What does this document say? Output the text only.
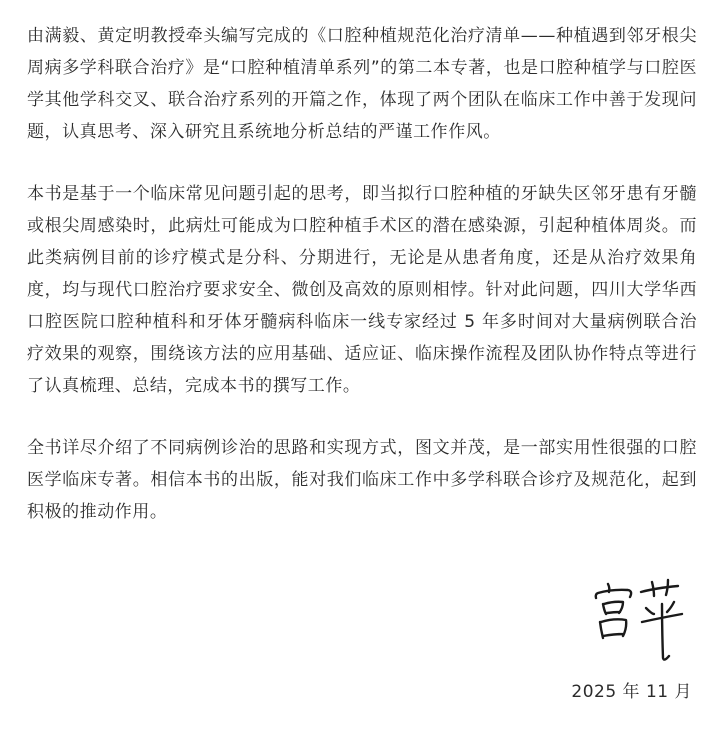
由满毅、黄定明教授牵头编写完成的《口腔种植规范化治疗清单——种植遇到邻牙根尖周病多学科联合治疗》是“口腔种植清单系列”的第二本专著，也是口腔种植学与口腔医学其他学科交叉、联合治疗系列的开篇之作，体现了两个团队在临床工作中善于发现问题，认真思考、深入研究且系统地分析总结的严谨工作作风。

本书是基于一个临床常见问题引起的思考，即当拟行口腔种植的牙缺失区邻牙患有牙髓或根尖周感染时，此病灶可能成为口腔种植手术区的潜在感染源，引起种植体周炎。而此类病例目前的诊疗模式是分科、分期进行，无论是从患者角度，还是从治疗效果角度，均与现代口腔治疗要求安全、微创及高效的原则相悖。针对此问题，四川大学华西口腔医院口腔种植科和牙体牙髓病科临床一线专家经过 5 年多时间对大量病例联合治疗效果的观察，围绕该方法的应用基础、适应证、临床操作流程及团队协作特点等进行了认真梳理、总结，完成本书的撰写工作。

全书详尽介绍了不同病例诊治的思路和实现方式，图文并茂，是一部实用性很强的口腔医学临床专著。相信本书的出版，能对我们临床工作中多学科联合诊疗及规范化，起到积极的推动作用。

2025 年 11 月
